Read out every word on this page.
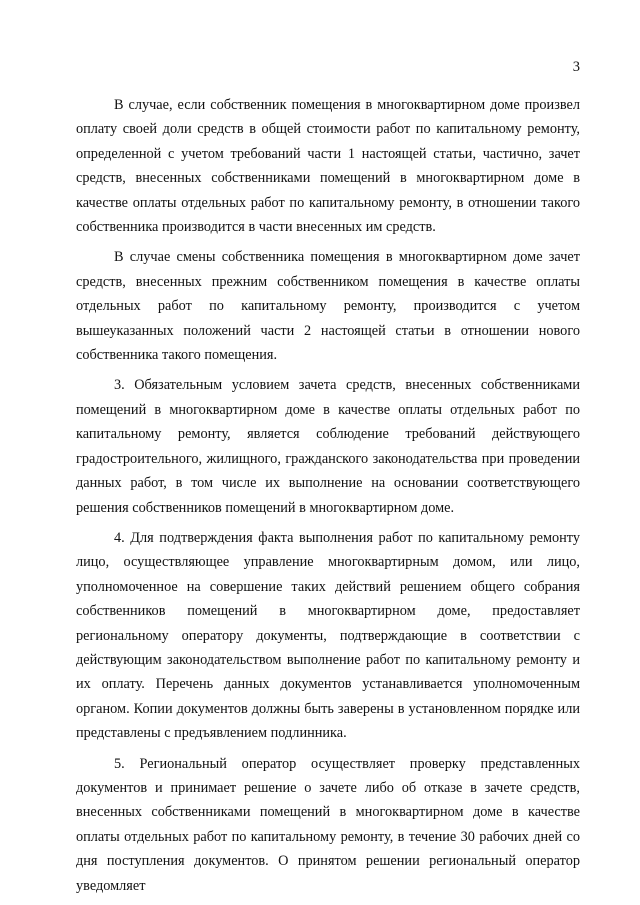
3

В случае, если собственник помещения в многоквартирном доме произвел оплату своей доли средств в общей стоимости работ по капитальному ремонту, определенной с учетом требований части 1 настоящей статьи, частично, зачет средств, внесенных собственниками помещений в многоквартирном доме в качестве оплаты отдельных работ по капитальному ремонту, в отношении такого собственника производится в части внесенных им средств.

В случае смены собственника помещения в многоквартирном доме зачет средств, внесенных прежним собственником помещения в качестве оплаты отдельных работ по капитальному ремонту, производится с учетом вышеуказанных положений части 2 настоящей статьи в отношении нового собственника такого помещения.

3. Обязательным условием зачета средств, внесенных собственниками помещений в многоквартирном доме в качестве оплаты отдельных работ по капитальному ремонту, является соблюдение требований действующего градостроительного, жилищного, гражданского законодательства при проведении данных работ, в том числе их выполнение на основании соответствующего решения собственников помещений в многоквартирном доме.

4. Для подтверждения факта выполнения работ по капитальному ремонту лицо, осуществляющее управление многоквартирным домом, или лицо, уполномоченное на совершение таких действий решением общего собрания собственников помещений в многоквартирном доме, предоставляет региональному оператору документы, подтверждающие в соответствии с действующим законодательством выполнение работ по капитальному ремонту и их оплату. Перечень данных документов устанавливается уполномоченным органом. Копии документов должны быть заверены в установленном порядке или представлены с предъявлением подлинника.

5. Региональный оператор осуществляет проверку представленных документов и принимает решение о зачете либо об отказе в зачете средств, внесенных собственниками помещений в многоквартирном доме в качестве оплаты отдельных работ по капитальному ремонту, в течение 30 рабочих дней со дня поступления документов. О принятом решении региональный оператор уведомляет
